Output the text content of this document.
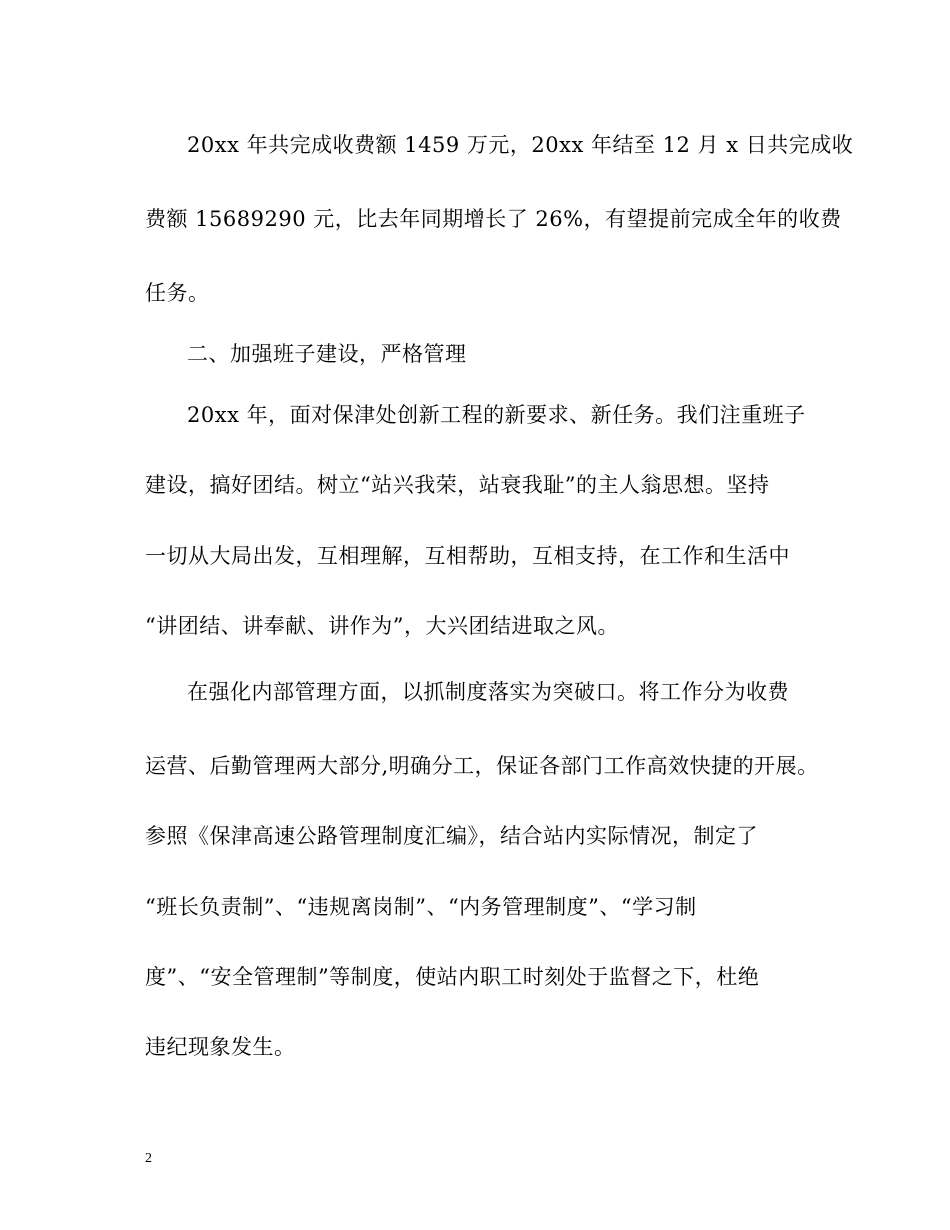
20xx 年共完成收费额 1459 万元，20xx 年结至 12 月 x 日共完成收
费额 15689290 元，比去年同期增长了 26%，有望提前完成全年的收费
任务。
二、加强班子建设，严格管理
20xx 年，面对保津处创新工程的新要求、新任务。我们注重班子
建设，搞好团结。树立“站兴我荣，站衰我耻”的主人翁思想。坚持
一切从大局出发，互相理解，互相帮助，互相支持，在工作和生活中
“讲团结、讲奉献、讲作为”，大兴团结进取之风。
在强化内部管理方面，以抓制度落实为突破口。将工作分为收费
运营、后勤管理两大部分,明确分工，保证各部门工作高效快捷的开展。
参照《保津高速公路管理制度汇编》，结合站内实际情况，制定了
“班长负责制”、“违规离岗制”、“内务管理制度”、“学习制
度”、“安全管理制”等制度，使站内职工时刻处于监督之下，杜绝
违纪现象发生。
2
